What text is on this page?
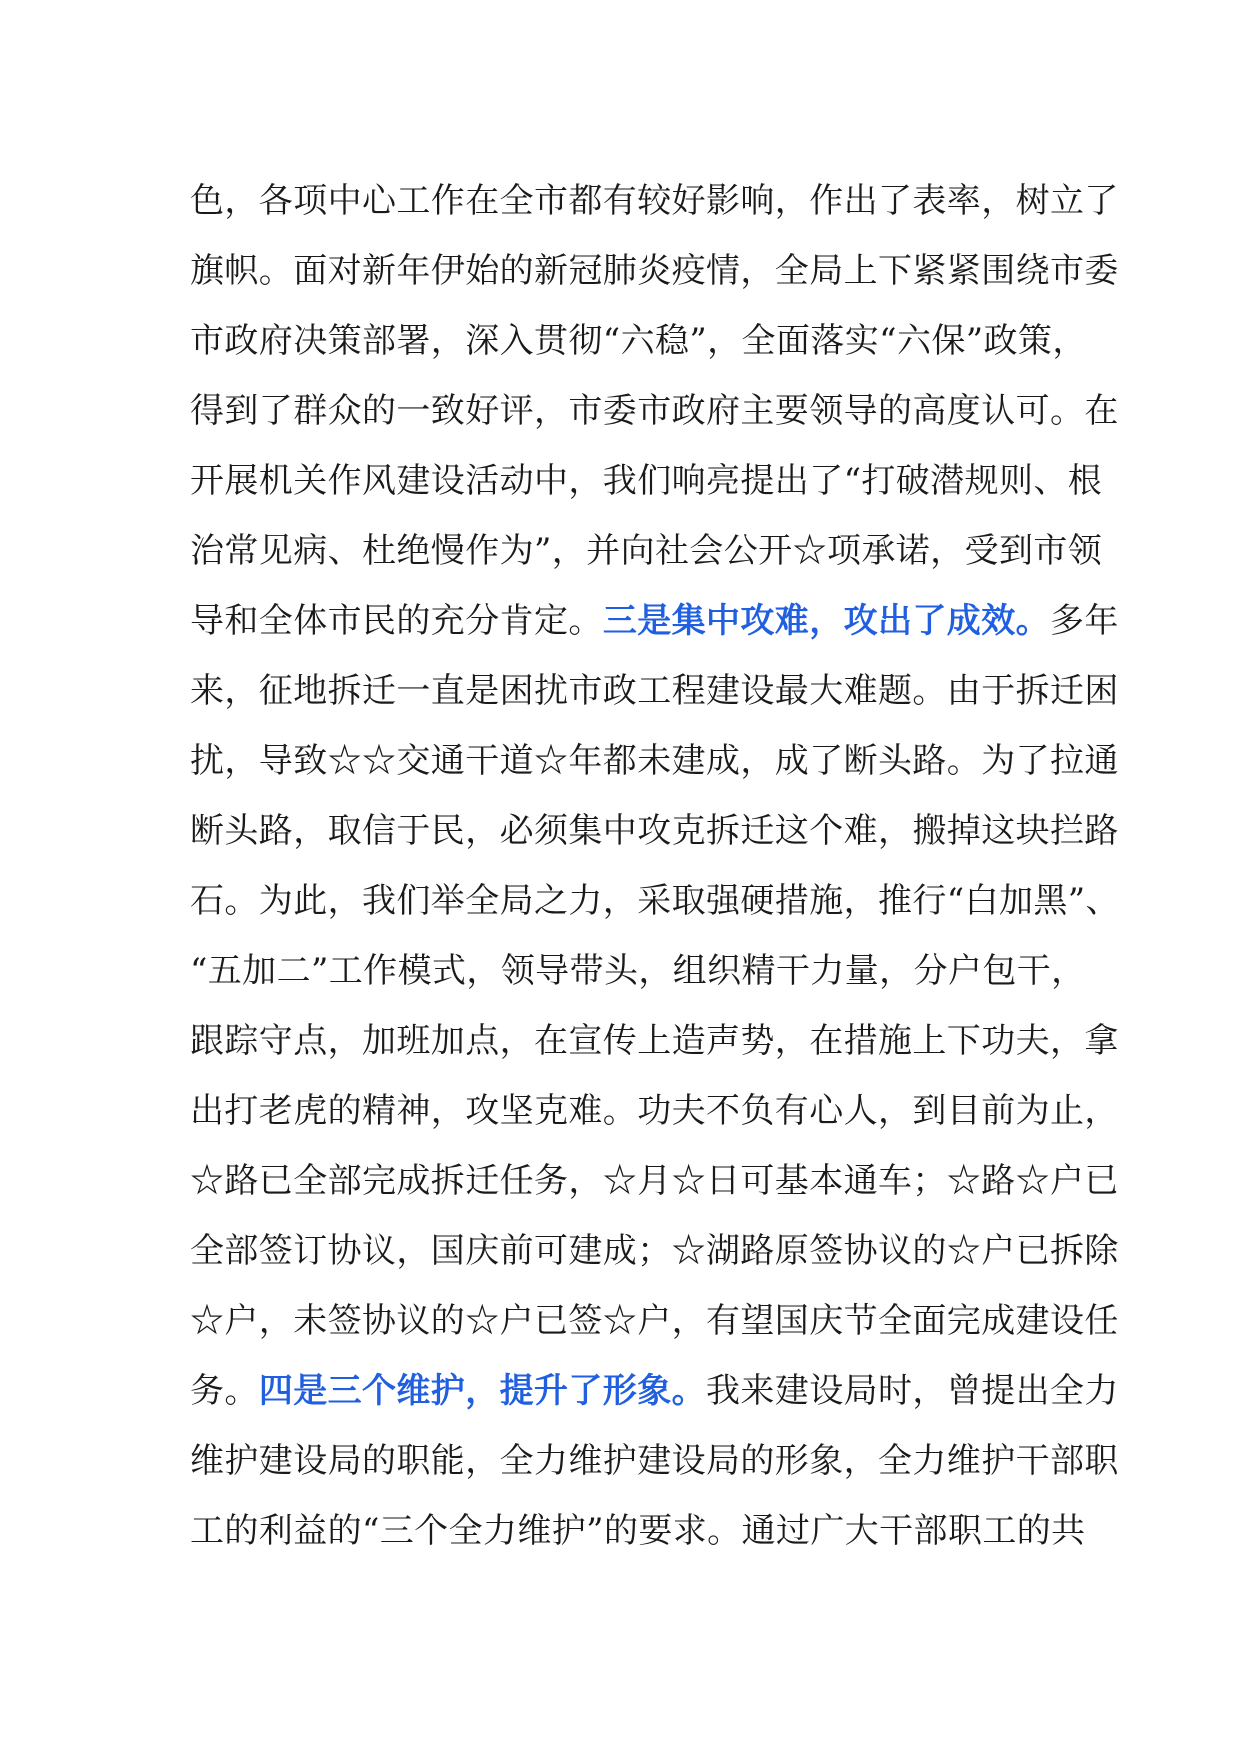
色，各项中心工作在全市都有较好影响，作出了表率，树立了
旗帜。面对新年伊始的新冠肺炎疫情，全局上下紧紧围绕市委
市政府决策部署，深入贯彻“六稳”，全面落实“六保”政策，
得到了群众的一致好评，市委市政府主要领导的高度认可。在
开展机关作风建设活动中，我们响亮提出了“打破潜规则、根
治常见病、杜绝慢作为”，并向社会公开☆项承诺，受到市领
导和全体市民的充分肯定。三是集中攻难，攻出了成效。多年
来，征地拆迁一直是困扰市政工程建设最大难题。由于拆迁困
扰，导致☆☆交通干道☆年都未建成，成了断头路。为了拉通
断头路，取信于民，必须集中攻克拆迁这个难，搬掉这块拦路
石。为此，我们举全局之力，采取强硬措施，推行“白加黑”、
“五加二”工作模式，领导带头，组织精干力量，分户包干，
跟踪守点，加班加点，在宣传上造声势，在措施上下功夫，拿
出打老虎的精神，攻坚克难。功夫不负有心人，到目前为止，
☆路已全部完成拆迁任务，☆月☆日可基本通车；☆路☆户已
全部签订协议，国庆前可建成；☆湖路原签协议的☆户已拆除
☆户，未签协议的☆户已签☆户，有望国庆节全面完成建设任
务。四是三个维护，提升了形象。我来建设局时，曾提出全力
维护建设局的职能，全力维护建设局的形象，全力维护干部职
工的利益的“三个全力维护”的要求。通过广大干部职工的共
